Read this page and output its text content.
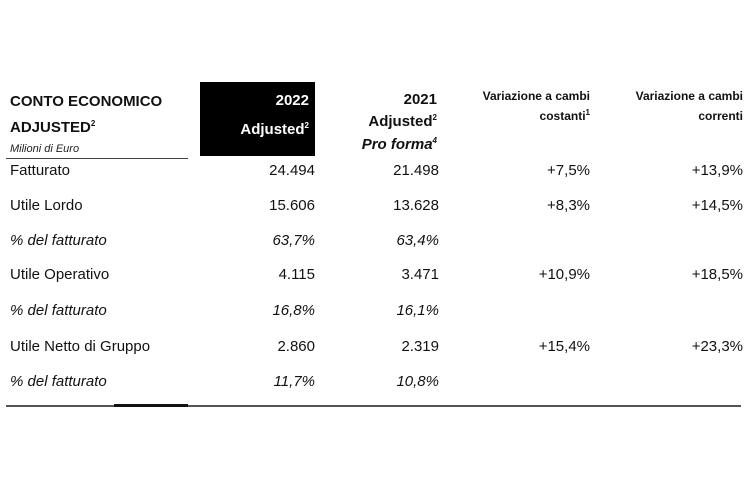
CONTO ECONOMICO
ADJUSTED$^2$
Milioni di Euro
2022
Adjusted$^2$
2021
Adjusted$^2$
Pro forma$^4$
Variazione a cambi
costanti$^1$
Variazione a cambi
correnti
Fatturato	24.494	21.498	+7,5%	+13,9%
Utile Lordo	15.606	13.628	+8,3%	+14,5%
% del fatturato	63,7%	63,4%
Utile Operativo	4.115	3.471	+10,9%	+18,5%
% del fatturato	16,8%	16,1%
Utile Netto di Gruppo	2.860	2.319	+15,4%	+23,3%
% del fatturato	11,7%	10,8%
